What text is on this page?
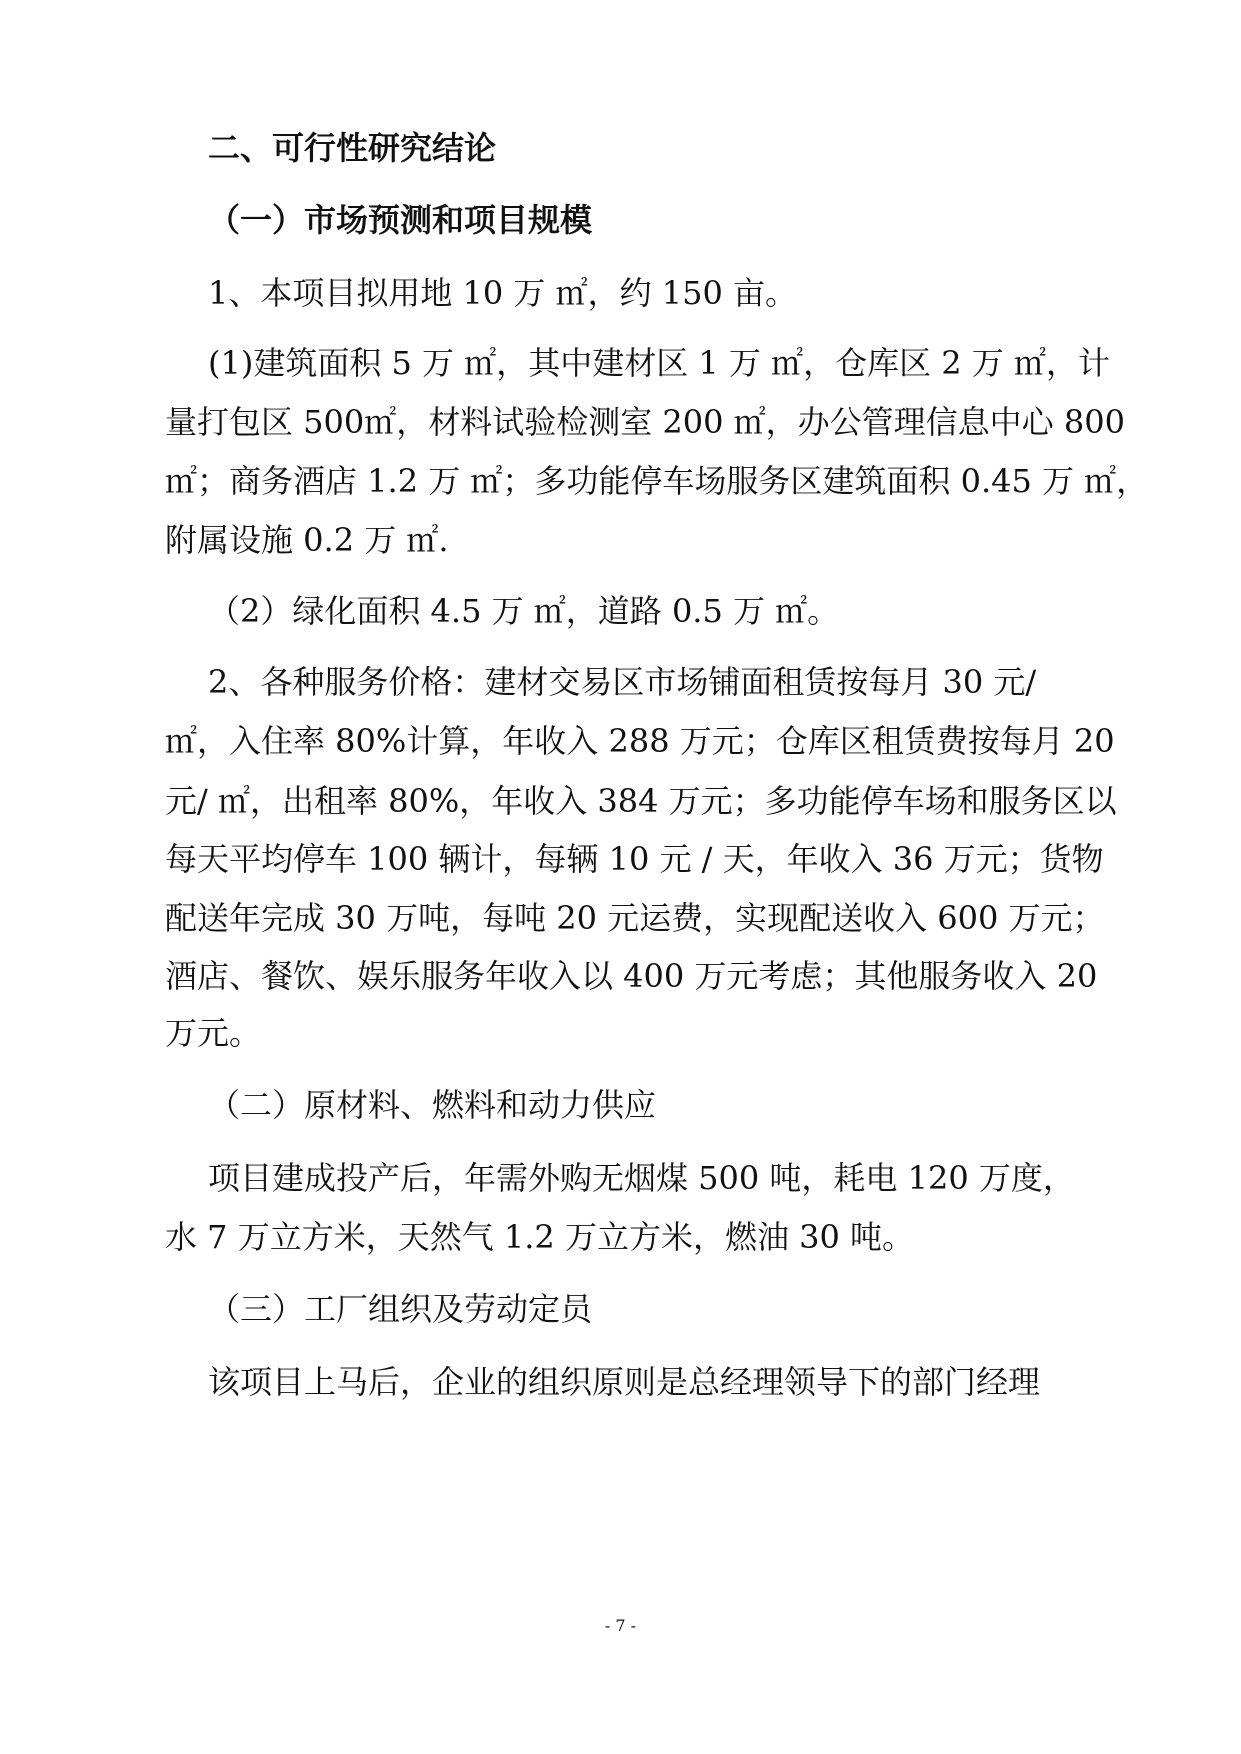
二、可行性研究结论
（一）市场预测和项目规模
1、本项目拟用地 10 万 ㎡，约 150 亩。
(1)建筑面积 5 万 ㎡，其中建材区 1 万 ㎡，仓库区 2 万 ㎡，计
量打包区 500㎡，材料试验检测室 200 ㎡，办公管理信息中心 800
㎡；商务酒店 1.2 万 ㎡；多功能停车场服务区建筑面积 0.45 万 ㎡，
附属设施 0.2 万 ㎡.
（2）绿化面积 4.5 万 ㎡，道路 0.5 万 ㎡。
2、各种服务价格：建材交易区市场铺面租赁按每月 30 元/
㎡，入住率 80%计算，年收入 288 万元；仓库区租赁费按每月 20
元/ ㎡，出租率 80%，年收入 384 万元；多功能停车场和服务区以
每天平均停车 100 辆计，每辆 10 元 / 天，年收入 36 万元；货物
配送年完成 30 万吨，每吨 20 元运费，实现配送收入 600 万元；
酒店、餐饮、娱乐服务年收入以 400 万元考虑；其他服务收入 20
万元。
（二）原材料、燃料和动力供应
项目建成投产后，年需外购无烟煤 500 吨，耗电 120 万度，
水 7 万立方米，天然气 1.2 万立方米，燃油 30 吨。
（三）工厂组织及劳动定员
该项目上马后，企业的组织原则是总经理领导下的部门经理
- 7 -
